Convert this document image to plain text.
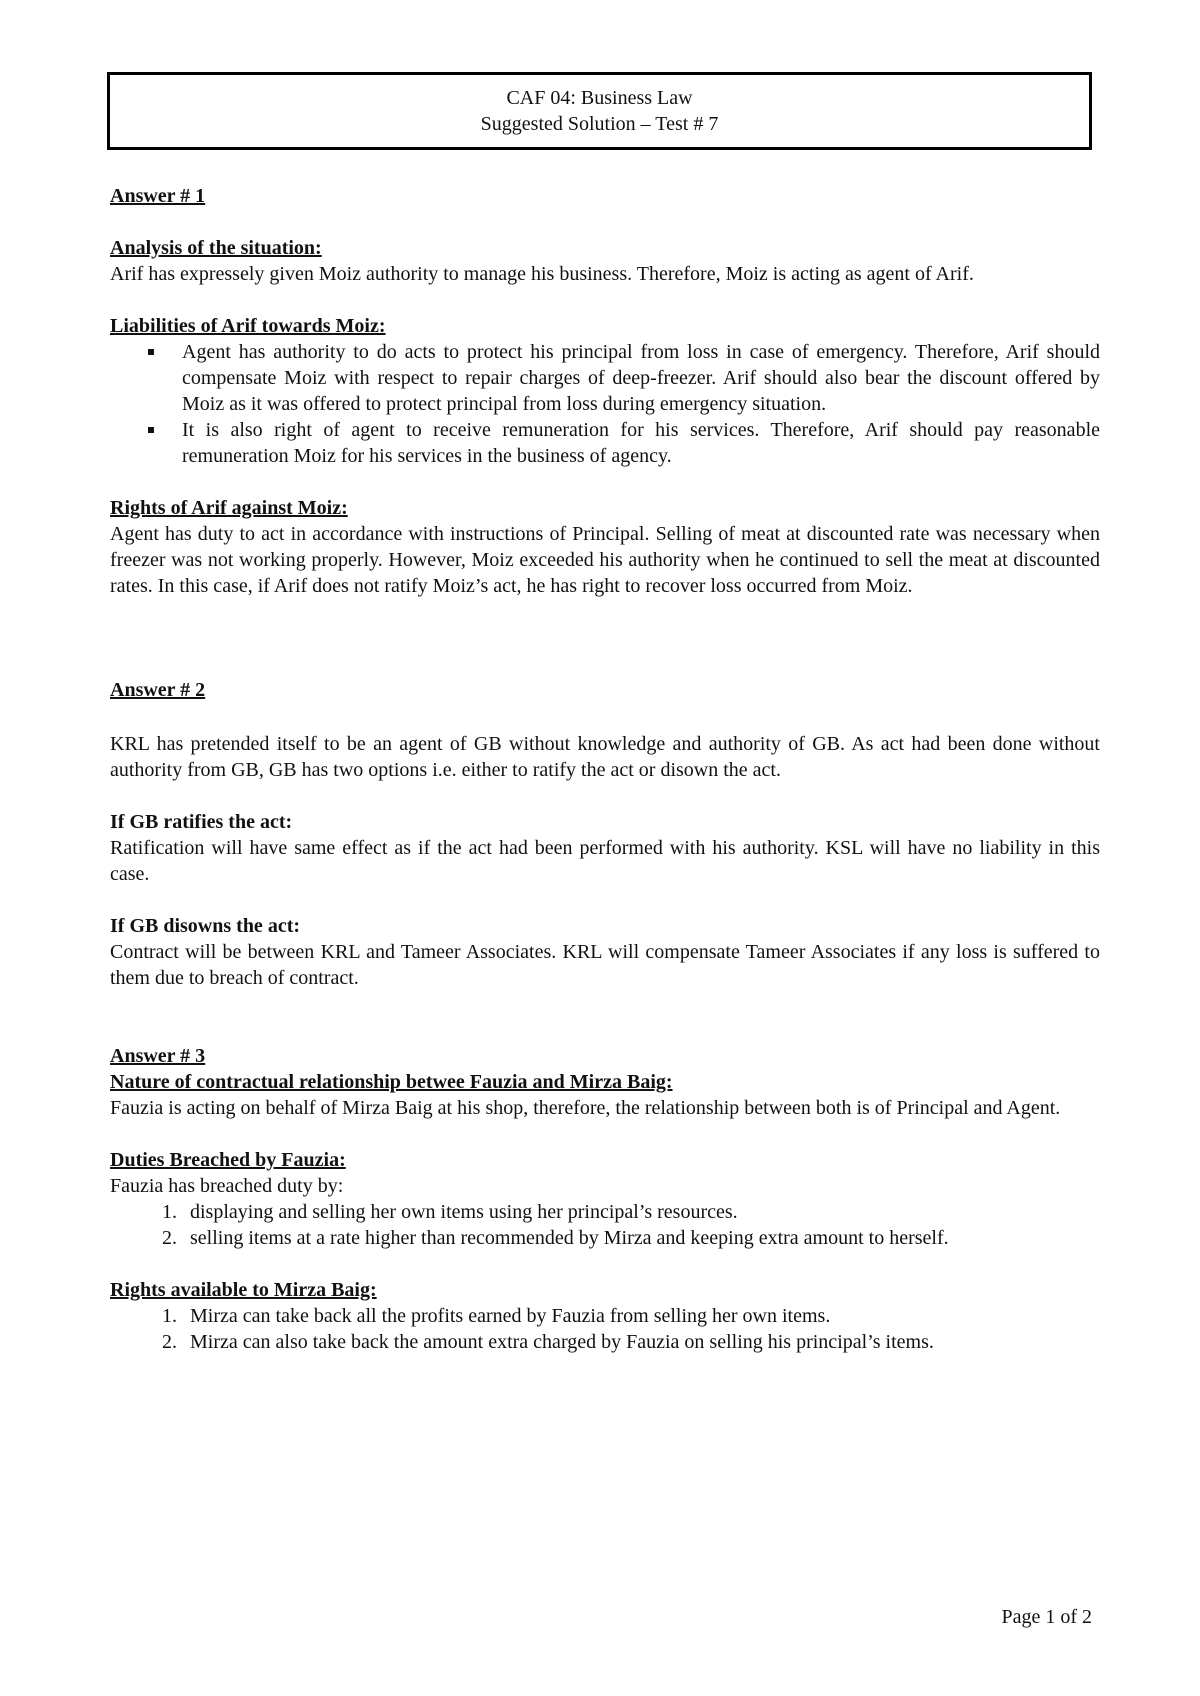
CAF 04: Business Law
Suggested Solution – Test # 7

Answer # 1

Analysis of the situation:

Arif has expressely given Moiz authority to manage his business. Therefore, Moiz is acting as agent of Arif.

Liabilities of Arif towards Moiz:

Agent has authority to do acts to protect his principal from loss in case of emergency. Therefore, Arif should compensate Moiz with respect to repair charges of deep-freezer. Arif should also bear the discount offered by Moiz as it was offered to protect principal from loss during emergency situation.
It is also right of agent to receive remuneration for his services. Therefore, Arif should pay reasonable remuneration Moiz for his services in the business of agency.

Rights of Arif against Moiz:

Agent has duty to act in accordance with instructions of Principal. Selling of meat at discounted rate was necessary when freezer was not working properly. However, Moiz exceeded his authority when he continued to sell the meat at discounted rates. In this case, if Arif does not ratify Moiz’s act, he has right to recover loss occurred from Moiz.

Answer # 2

KRL has pretended itself to be an agent of GB without knowledge and authority of GB. As act had been done without authority from GB, GB has two options i.e. either to ratify the act or disown the act.

If GB ratifies the act:

Ratification will have same effect as if the act had been performed with his authority. KSL will have no liability in this case.

If GB disowns the act:

Contract will be between KRL and Tameer Associates. KRL will compensate Tameer Associates if any loss is suffered to them due to breach of contract.

Answer # 3

Nature of contractual relationship betwee Fauzia and Mirza Baig:

Fauzia is acting on behalf of Mirza Baig at his shop, therefore, the relationship between both is of Principal and Agent.

Duties Breached by Fauzia:

Fauzia has breached duty by:

1. displaying and selling her own items using her principal’s resources.
2. selling items at a rate higher than recommended by Mirza and keeping extra amount to herself.

Rights available to Mirza Baig:

1. Mirza can take back all the profits earned by Fauzia from selling her own items.
2. Mirza can also take back the amount extra charged by Fauzia on selling his principal’s items.
Page 1 of 2
